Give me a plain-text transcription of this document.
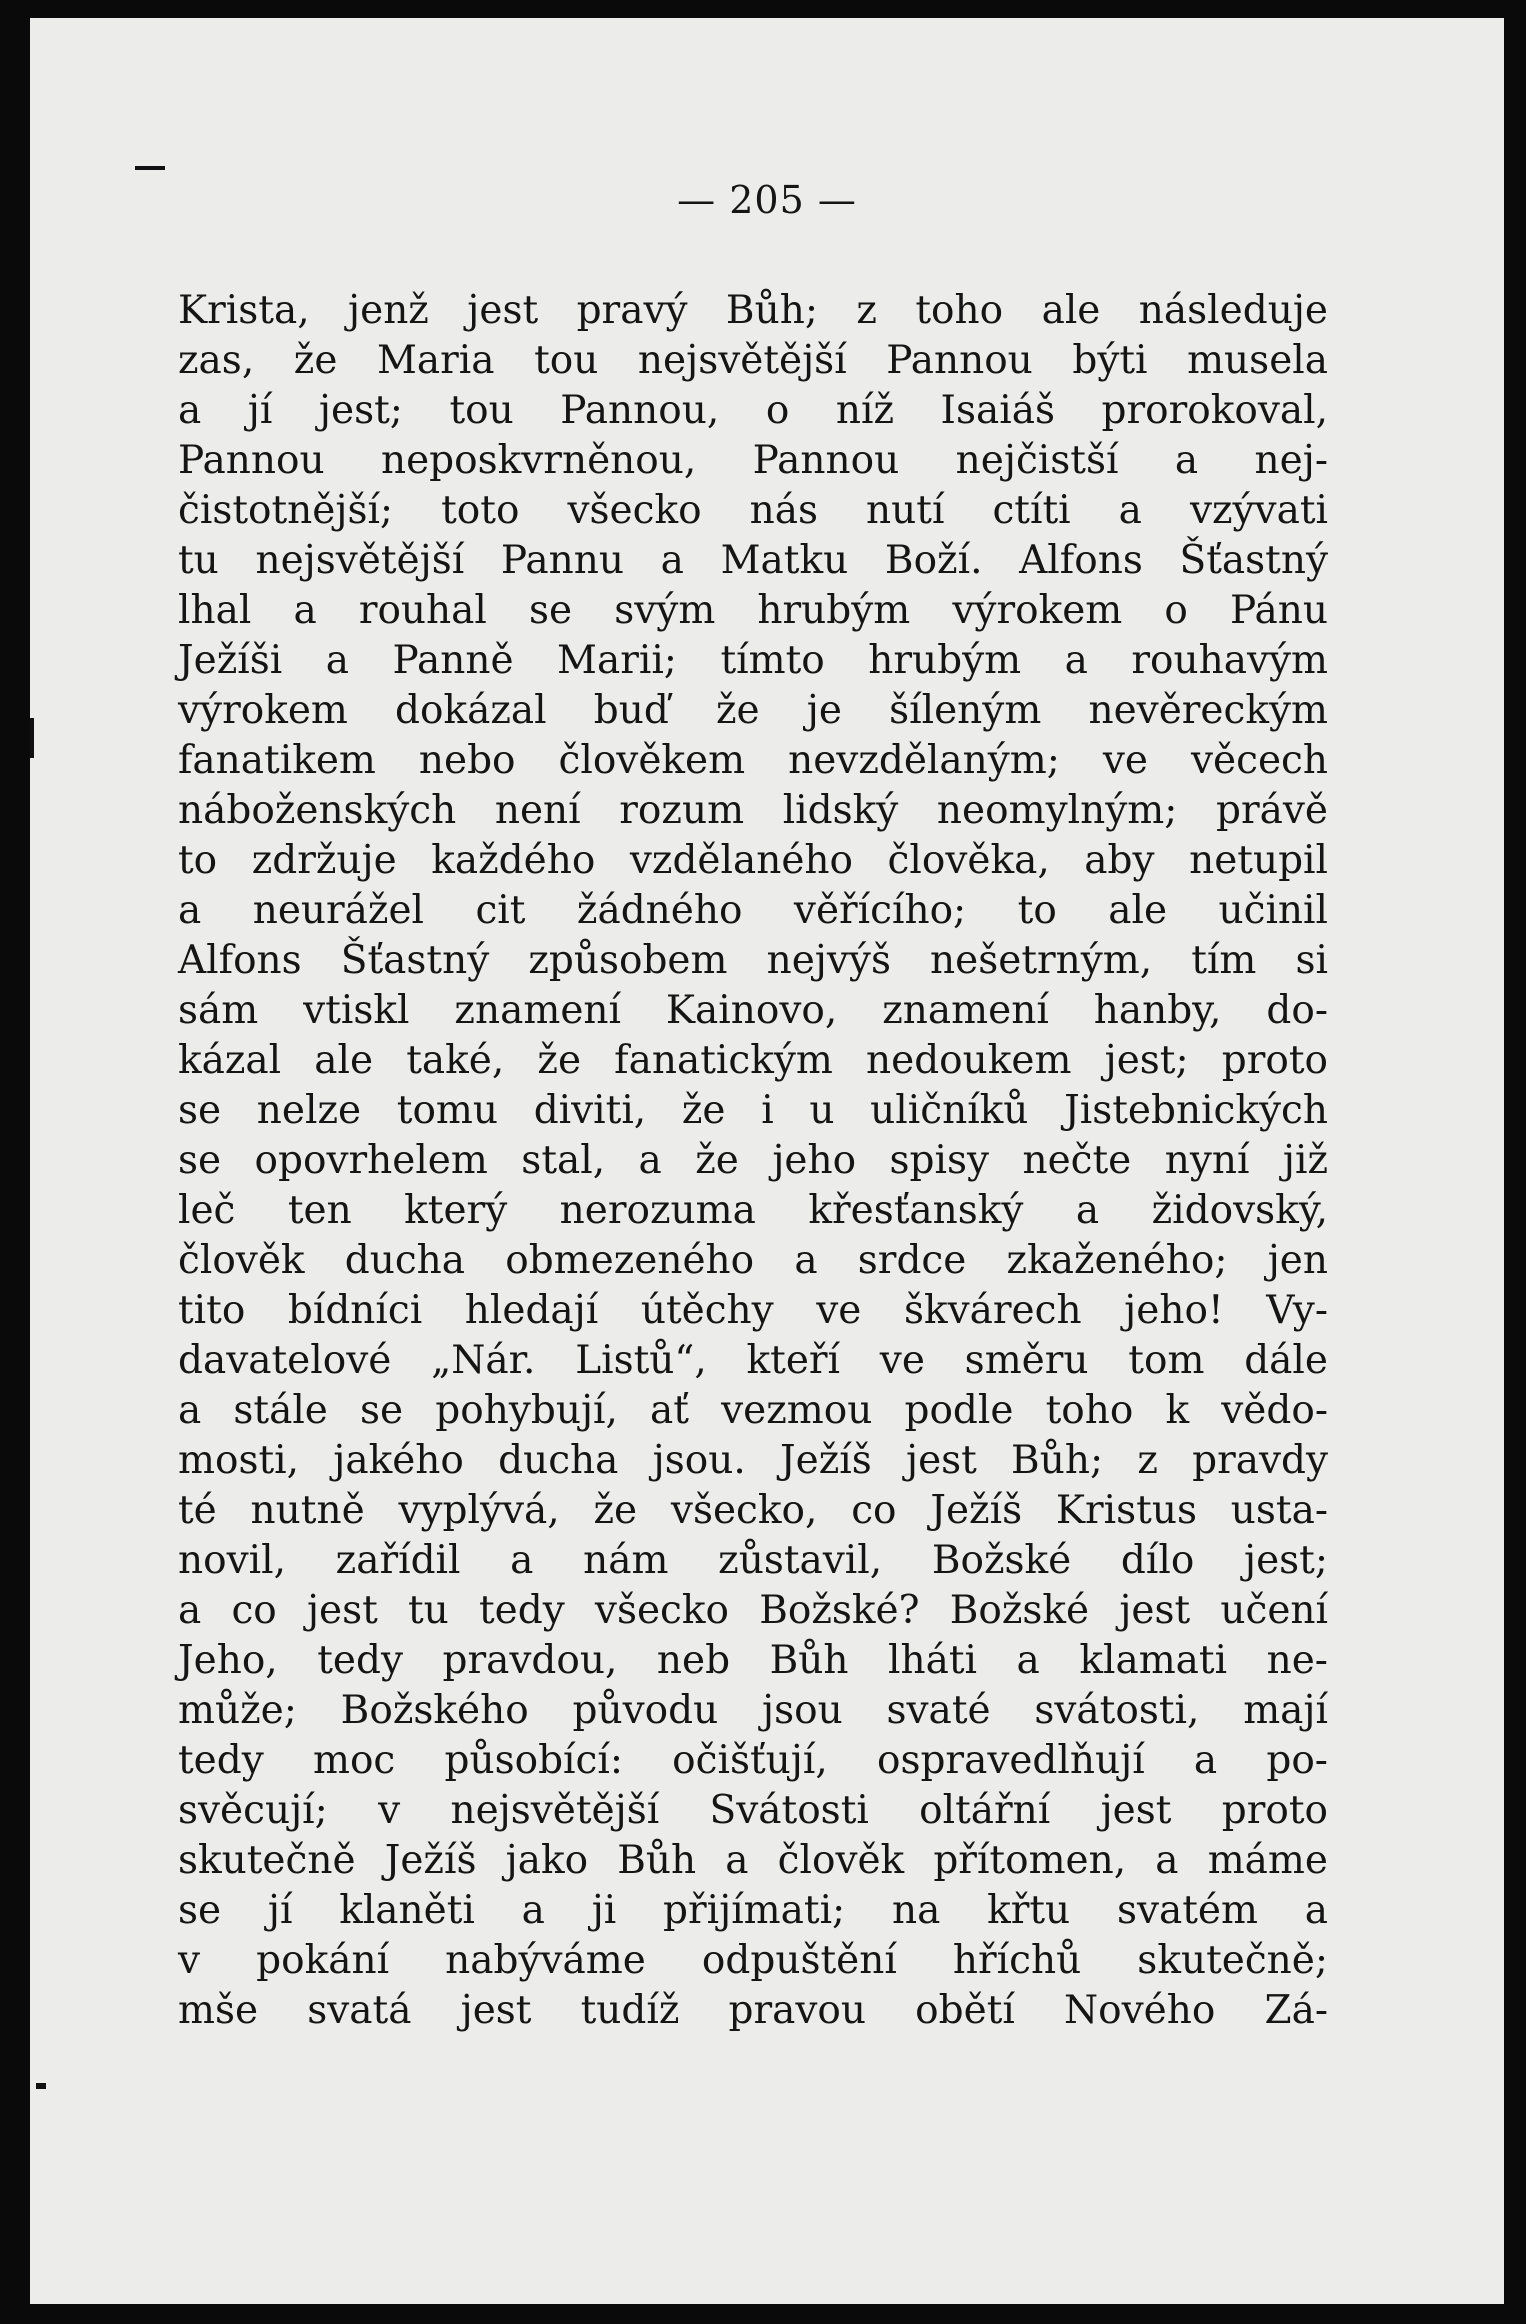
— 205 —
Krista, jenž jest pravý Bůh; z toho ale následuje
zas, že Maria tou nejsvětější Pannou býti musela
a jí jest; tou Pannou, o níž Isaiáš prorokoval,
Pannou neposkvrněnou, Pannou nejčistší a nej-
čistotnější; toto všecko nás nutí ctíti a vzývati
tu nejsvětější Pannu a Matku Boží. Alfons Šťastný
lhal a rouhal se svým hrubým výrokem o Pánu
Ježíši a Panně Marii; tímto hrubým a rouhavým
výrokem dokázal buď že je šíleným nevěreckým
fanatikem nebo člověkem nevzdělaným; ve věcech
náboženských není rozum lidský neomylným; právě
to zdržuje každého vzdělaného člověka, aby netupil
a neurážel cit žádného věřícího; to ale učinil
Alfons Šťastný způsobem nejvýš nešetrným, tím si
sám vtiskl znamení Kainovo, znamení hanby, do-
kázal ale také, že fanatickým nedoukem jest; proto
se nelze tomu diviti, že i u uličníků Jistebnických
se opovrhelem stal, a že jeho spisy nečte nyní již
leč ten který nerozuma křesťanský a židovský,
člověk ducha obmezeného a srdce zkaženého; jen
tito bídníci hledají útěchy ve škvárech jeho! Vy-
davatelové „Nár. Listů“, kteří ve směru tom dále
a stále se pohybují, ať vezmou podle toho k vědo-
mosti, jakého ducha jsou. Ježíš jest Bůh; z pravdy
té nutně vyplývá, že všecko, co Ježíš Kristus usta-
novil, zařídil a nám zůstavil, Božské dílo jest;
a co jest tu tedy všecko Božské? Božské jest učení
Jeho, tedy pravdou, neb Bůh lháti a klamati ne-
může; Božského původu jsou svaté svátosti, mají
tedy moc působící: očišťují, ospravedlňují a po-
svěcují; v nejsvětější Svátosti oltářní jest proto
skutečně Ježíš jako Bůh a člověk přítomen, a máme
se jí klaněti a ji přijímati; na křtu svatém a
v pokání nabýváme odpuštění hříchů skutečně;
mše svatá jest tudíž pravou obětí Nového Zá-
